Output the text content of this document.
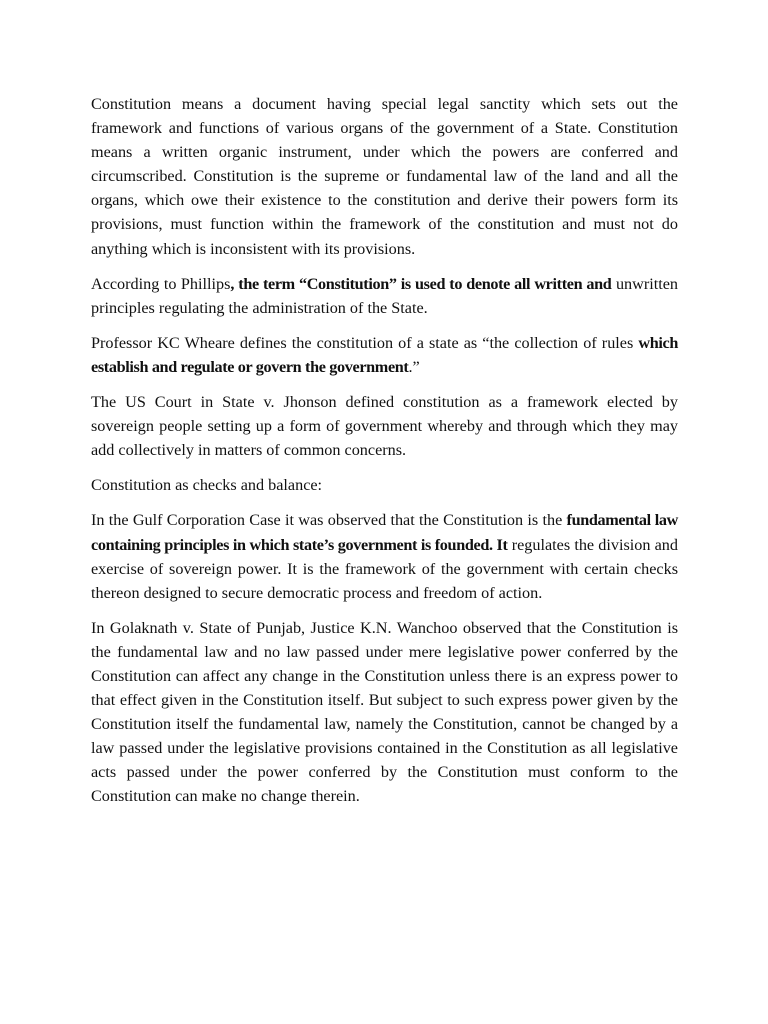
Constitution means a document having special legal sanctity which sets out the framework and functions of various organs of the government of a State. Constitution means a written organic instrument, under which the powers are conferred and circumscribed. Constitution is the supreme or fundamental law of the land and all the organs, which owe their existence to the constitution and derive their powers form its provisions, must function within the framework of the constitution and must not do anything which is inconsistent with its provisions.

According to Phillips, the term “Constitution” is used to denote all written and unwritten principles regulating the administration of the State.

Professor KC Wheare defines the constitution of a state as “the collection of rules which establish and regulate or govern the government.”

The US Court in State v. Jhonson defined constitution as a framework elected by sovereign people setting up a form of government whereby and through which they may add collectively in matters of common concerns.

Constitution as checks and balance:

In the Gulf Corporation Case it was observed that the Constitution is the fundamental law containing principles in which state’s government is founded. It regulates the division and exercise of sovereign power. It is the framework of the government with certain checks thereon designed to secure democratic process and freedom of action.

In Golaknath v. State of Punjab, Justice K.N. Wanchoo observed that the Constitution is the fundamental law and no law passed under mere legislative power conferred by the Constitution can affect any change in the Constitution unless there is an express power to that effect given in the Constitution itself. But subject to such express power given by the Constitution itself the fundamental law, namely the Constitution, cannot be changed by a law passed under the legislative provisions contained in the Constitution as all legislative acts passed under the power conferred by the Constitution must conform to the Constitution can make no change therein.
